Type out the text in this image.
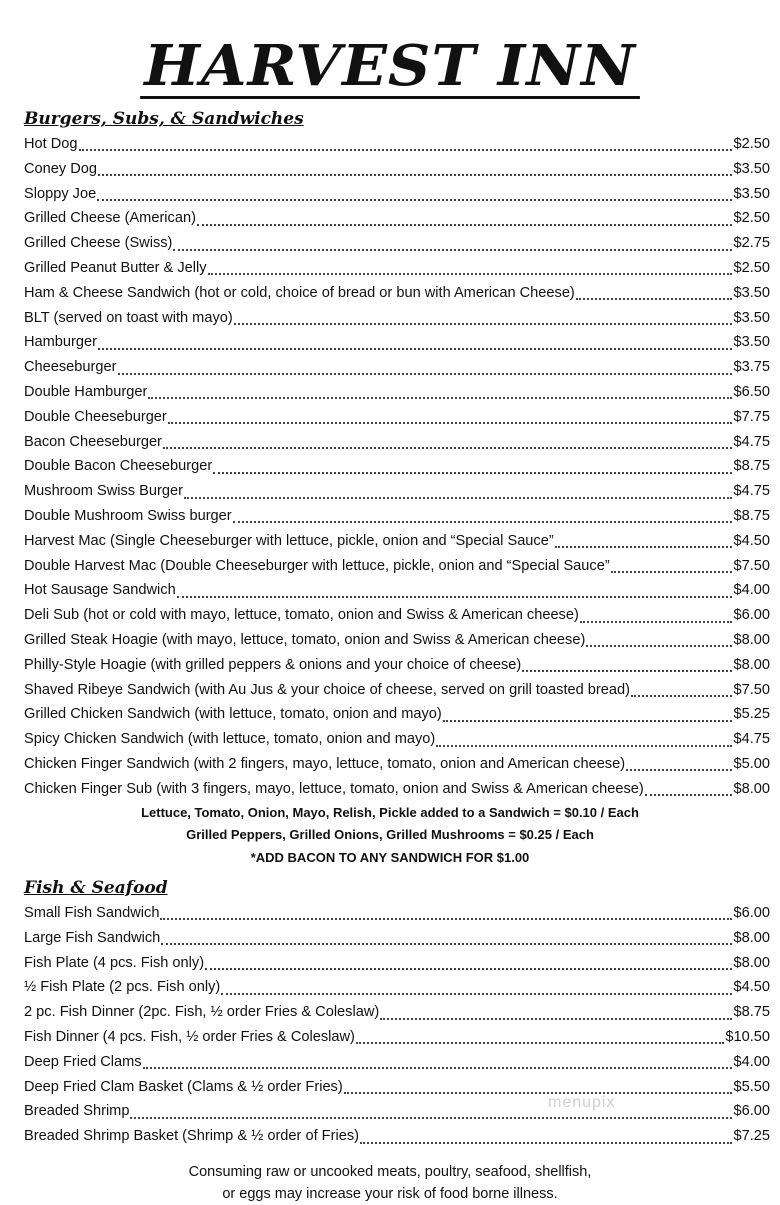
HARVEST INN
Burgers, Subs, & Sandwiches
Hot Dog	$2.50
Coney Dog	$3.50
Sloppy Joe	$3.50
Grilled Cheese (American)	$2.50
Grilled Cheese (Swiss)	$2.75
Grilled Peanut Butter & Jelly	$2.50
Ham & Cheese Sandwich (hot or cold, choice of bread or bun with American Cheese)	$3.50
BLT (served on toast with mayo)	$3.50
Hamburger	$3.50
Cheeseburger	$3.75
Double Hamburger	$6.50
Double Cheeseburger	$7.75
Bacon Cheeseburger	$4.75
Double Bacon Cheeseburger	$8.75
Mushroom Swiss Burger	$4.75
Double Mushroom Swiss burger	$8.75
Harvest Mac (Single Cheeseburger with lettuce, pickle, onion and “Special Sauce”	$4.50
Double Harvest Mac (Double Cheeseburger with lettuce, pickle, onion and “Special Sauce”	$7.50
Hot Sausage Sandwich	$4.00
Deli Sub (hot or cold with mayo, lettuce, tomato, onion and Swiss & American cheese)	$6.00
Grilled Steak Hoagie (with mayo, lettuce, tomato, onion and Swiss & American cheese)	$8.00
Philly-Style Hoagie (with grilled peppers & onions and your choice of cheese)	$8.00
Shaved Ribeye Sandwich (with Au Jus & your choice of cheese, served on grill toasted bread)	$7.50
Grilled Chicken Sandwich (with lettuce, tomato, onion and mayo)	$5.25
Spicy Chicken Sandwich (with lettuce, tomato, onion and mayo)	$4.75
Chicken Finger Sandwich (with 2 fingers, mayo, lettuce, tomato, onion and American cheese)	$5.00
Chicken Finger Sub (with 3 fingers, mayo, lettuce, tomato, onion and Swiss & American cheese)	$8.00
Lettuce, Tomato, Onion, Mayo, Relish, Pickle added to a Sandwich = $0.10 / Each
Grilled Peppers, Grilled Onions, Grilled Mushrooms = $0.25 / Each
*ADD BACON TO ANY SANDWICH FOR $1.00
Fish & Seafood
Small Fish Sandwich	$6.00
Large Fish Sandwich	$8.00
Fish Plate (4 pcs. Fish only)	$8.00
½ Fish Plate (2 pcs. Fish only)	$4.50
2 pc. Fish Dinner (2pc. Fish, ½ order Fries & Coleslaw)	$8.75
Fish Dinner (4 pcs. Fish, ½ order Fries & Coleslaw)	$10.50
Deep Fried Clams	$4.00
Deep Fried Clam Basket (Clams & ½ order Fries)	$5.50
Breaded Shrimp	$6.00
Breaded Shrimp Basket (Shrimp & ½ order of Fries)	$7.25
Consuming raw or uncooked meats, poultry, seafood, shellfish,
or eggs may increase your risk of food borne illness.
menupix
